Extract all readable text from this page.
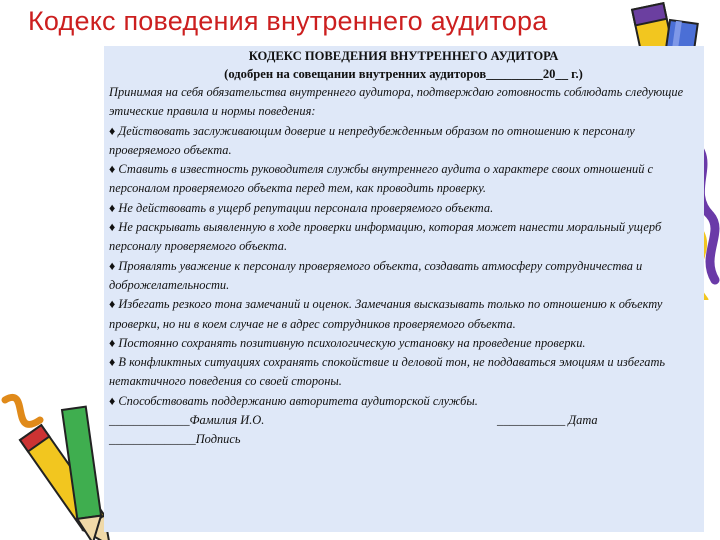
Кодекс поведения внутреннего аудитора
КОДЕКС ПОВЕДЕНИЯ ВНУТРЕННЕГО АУДИТОРА
(одобрен на совещании внутренних аудиторов_________20__ г.)

Принимая на себя обязательства внутреннего аудитора, подтверждаю готовность соблюдать следующие этические правила и нормы поведения:

♦ Действовать заслуживающим доверие и непредубежденным образом по отношению к персоналу проверяемого объекта.

♦ Ставить в известность руководителя службы внутреннего аудита о характере своих отношений с персоналом проверяемого объекта перед тем, как проводить проверку.

♦ Не действовать в ущерб репутации персонала проверяемого объекта.

♦ Не раскрывать выявленную в ходе проверки информацию, которая может нанести моральный ущерб персоналу проверяемого объекта.

♦ Проявлять уважение к персоналу проверяемого объекта, создавать атмосферу сотрудничества и доброжелательности.

♦ Избегать резкого тона замечаний и оценок. Замечания высказывать только по отношению к объекту проверки, но ни в коем случае не в адрес сотрудников проверяемого объекта.

♦ Постоянно сохранять позитивную психологическую установку на проведение проверки.

♦ В конфликтных ситуациях сохранять спокойствие и деловой тон, не поддаваться эмоциям и избегать нетактичного поведения со своей стороны.

♦ Способствовать поддержанию авторитета аудиторской службы.

_____________Фамилия И.О.	___________ Дата
______________Подпись
